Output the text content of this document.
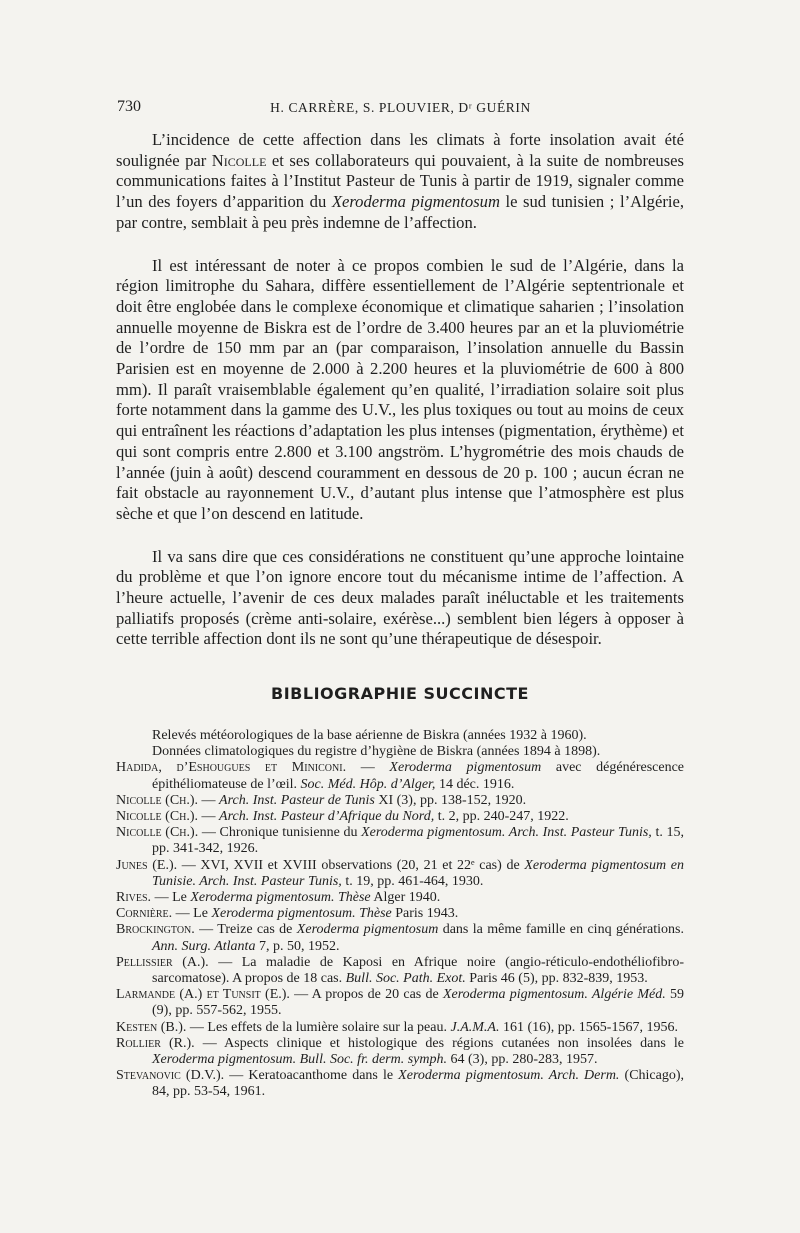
730	H. CARRÈRE, S. PLOUVIER, Dʳ GUÉRIN

L’incidence de cette affection dans les climats à forte insolation avait été soulignée par Nicolle et ses collaborateurs qui pouvaient, à la suite de nombreuses communications faites à l’Institut Pasteur de Tunis à partir de 1919, signaler comme l’un des foyers d’apparition du Xeroderma pigmentosum le sud tunisien ; l’Algérie, par contre, semblait à peu près indemne de l’affection.

Il est intéressant de noter à ce propos combien le sud de l’Algérie, dans la région limitrophe du Sahara, diffère essentiellement de l’Algérie septentrionale et doit être englobée dans le complexe économique et climatique saharien ; l’insolation annuelle moyenne de Biskra est de l’ordre de 3.400 heures par an et la pluviométrie de l’ordre de 150 mm par an (par comparaison, l’insolation annuelle du Bassin Parisien est en moyenne de 2.000 à 2.200 heures et la pluviométrie de 600 à 800 mm). Il paraît vraisemblable également qu’en qualité, l’irradiation solaire soit plus forte notamment dans la gamme des U.V., les plus toxiques ou tout au moins de ceux qui entraînent les réactions d’adaptation les plus intenses (pigmentation, érythème) et qui sont compris entre 2.800 et 3.100 angström. L’hygrométrie des mois chauds de l’année (juin à août) descend couramment en dessous de 20 p. 100 ; aucun écran ne fait obstacle au rayonnement U.V., d’autant plus intense que l’atmosphère est plus sèche et que l’on descend en latitude.

Il va sans dire que ces considérations ne constituent qu’une approche lointaine du problème et que l’on ignore encore tout du mécanisme intime de l’affection. A l’heure actuelle, l’avenir de ces deux malades paraît inéluctable et les traitements palliatifs proposés (crème anti-solaire, exérèse...) semblent bien légers à opposer à cette terrible affection dont ils ne sont qu’une thérapeutique de désespoir.

BIBLIOGRAPHIE SUCCINCTE

Relevés météorologiques de la base aérienne de Biskra (années 1932 à 1960).

Données climatologiques du registre d’hygiène de Biskra (années 1894 à 1898).

Hadida, d’Eshougues et Miniconi. — Xeroderma pigmentosum avec dégénérescence épithéliomateuse de l’œil. Soc. Méd. Hôp. d’Alger, 14 déc. 1916.

Nicolle (Ch.). — Arch. Inst. Pasteur de Tunis XI (3), pp. 138-152, 1920.

Nicolle (Ch.). — Arch. Inst. Pasteur d’Afrique du Nord, t. 2, pp. 240-247, 1922.

Nicolle (Ch.). — Chronique tunisienne du Xeroderma pigmentosum. Arch. Inst. Pasteur Tunis, t. 15, pp. 341-342, 1926.

Junes (E.). — XVI, XVII et XVIII observations (20, 21 et 22ᵉ cas) de Xeroderma pigmentosum en Tunisie. Arch. Inst. Pasteur Tunis, t. 19, pp. 461-464, 1930.

Rives. — Le Xeroderma pigmentosum. Thèse Alger 1940.

Cornière. — Le Xeroderma pigmentosum. Thèse Paris 1943.

Brockington. — Treize cas de Xeroderma pigmentosum dans la même famille en cinq générations. Ann. Surg. Atlanta 7, p. 50, 1952.

Pellissier (A.). — La maladie de Kaposi en Afrique noire (angio-réticulo-endothéliofibro-sarcomatose). A propos de 18 cas. Bull. Soc. Path. Exot. Paris 46 (5), pp. 832-839, 1953.

Larmande (A.) et Tunsit (E.). — A propos de 20 cas de Xeroderma pigmentosum. Algérie Méd. 59 (9), pp. 557-562, 1955.

Kesten (B.). — Les effets de la lumière solaire sur la peau. J.A.M.A. 161 (16), pp. 1565-1567, 1956.

Rollier (R.). — Aspects clinique et histologique des régions cutanées non insolées dans le Xeroderma pigmentosum. Bull. Soc. fr. derm. symph. 64 (3), pp. 280-283, 1957.

Stevanovic (D.V.). — Keratoacanthome dans le Xeroderma pigmentosum. Arch. Derm. (Chicago), 84, pp. 53-54, 1961.
